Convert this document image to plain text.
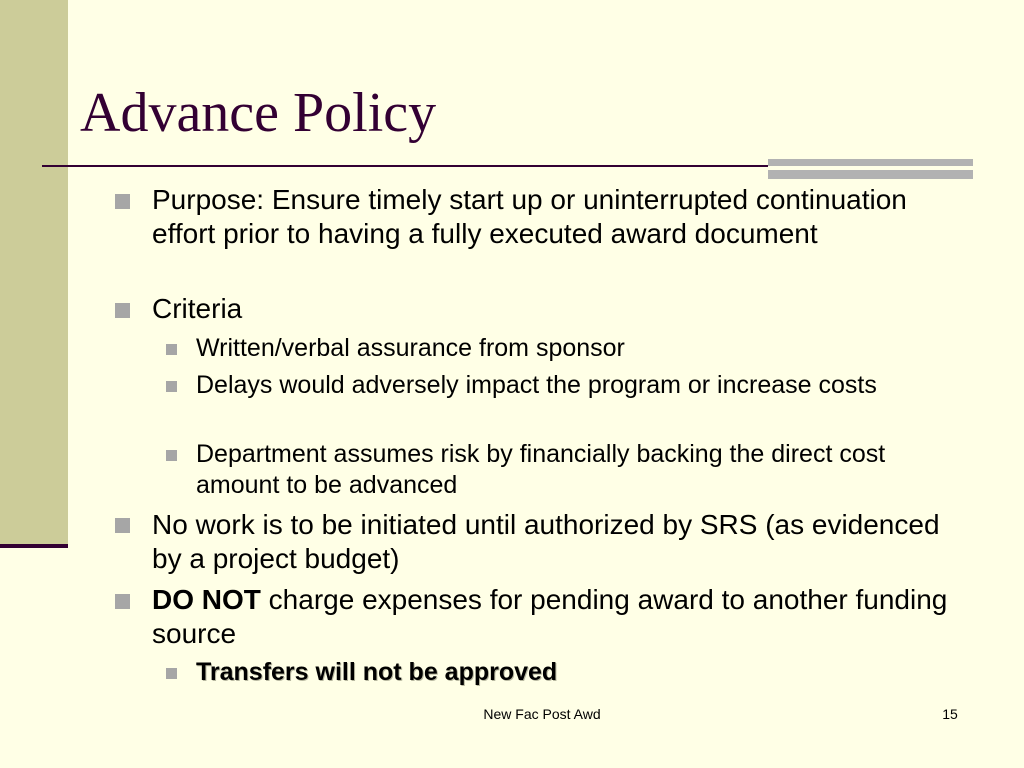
Advance Policy

Purpose: Ensure timely start up or uninterrupted continuation effort prior to having a fully executed award document

Criteria

Written/verbal assurance from sponsor

Delays would adversely impact the program or increase costs

Department assumes risk by financially backing the direct cost amount to be advanced

No work is to be initiated until authorized by SRS (as evidenced by a project budget)

DO NOT charge expenses for pending award to another funding source

Transfers will not be approved

New Fac Post Awd	15
